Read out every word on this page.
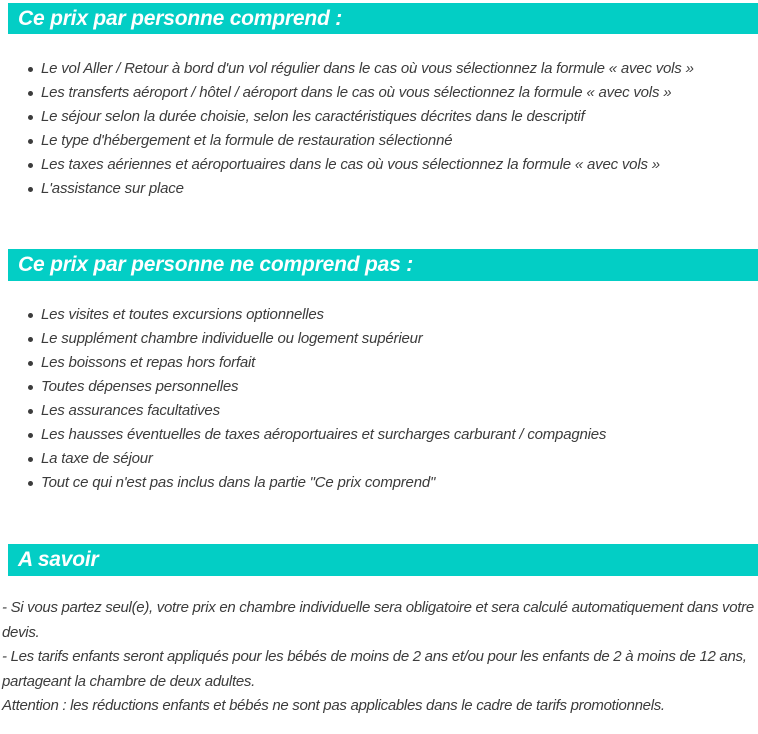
Ce prix par personne comprend :
Le vol Aller / Retour à bord d'un vol régulier dans le cas où vous sélectionnez la formule « avec vols »
Les transferts aéroport / hôtel / aéroport dans le cas où vous sélectionnez la formule « avec vols »
Le séjour selon la durée choisie, selon les caractéristiques décrites dans le descriptif
Le type d'hébergement et la formule de restauration sélectionné
Les taxes aériennes et aéroportuaires dans le cas où vous sélectionnez la formule « avec vols »
L'assistance sur place
Ce prix par personne ne comprend pas :
Les visites et toutes excursions optionnelles
Le supplément chambre individuelle ou logement supérieur
Les boissons et repas hors forfait
Toutes dépenses personnelles
Les assurances facultatives
Les hausses éventuelles de taxes aéroportuaires et surcharges carburant / compagnies
La taxe de séjour
Tout ce qui n'est pas inclus dans la partie "Ce prix comprend"
A savoir

- Si vous partez seul(e), votre prix en chambre individuelle sera obligatoire et sera calculé automatiquement dans votre devis.

- Les tarifs enfants seront appliqués pour les bébés de moins de 2 ans et/ou pour les enfants de 2 à moins de 12 ans, partageant la chambre de deux adultes.

Attention : les réductions enfants et bébés ne sont pas applicables dans le cadre de tarifs promotionnels.
